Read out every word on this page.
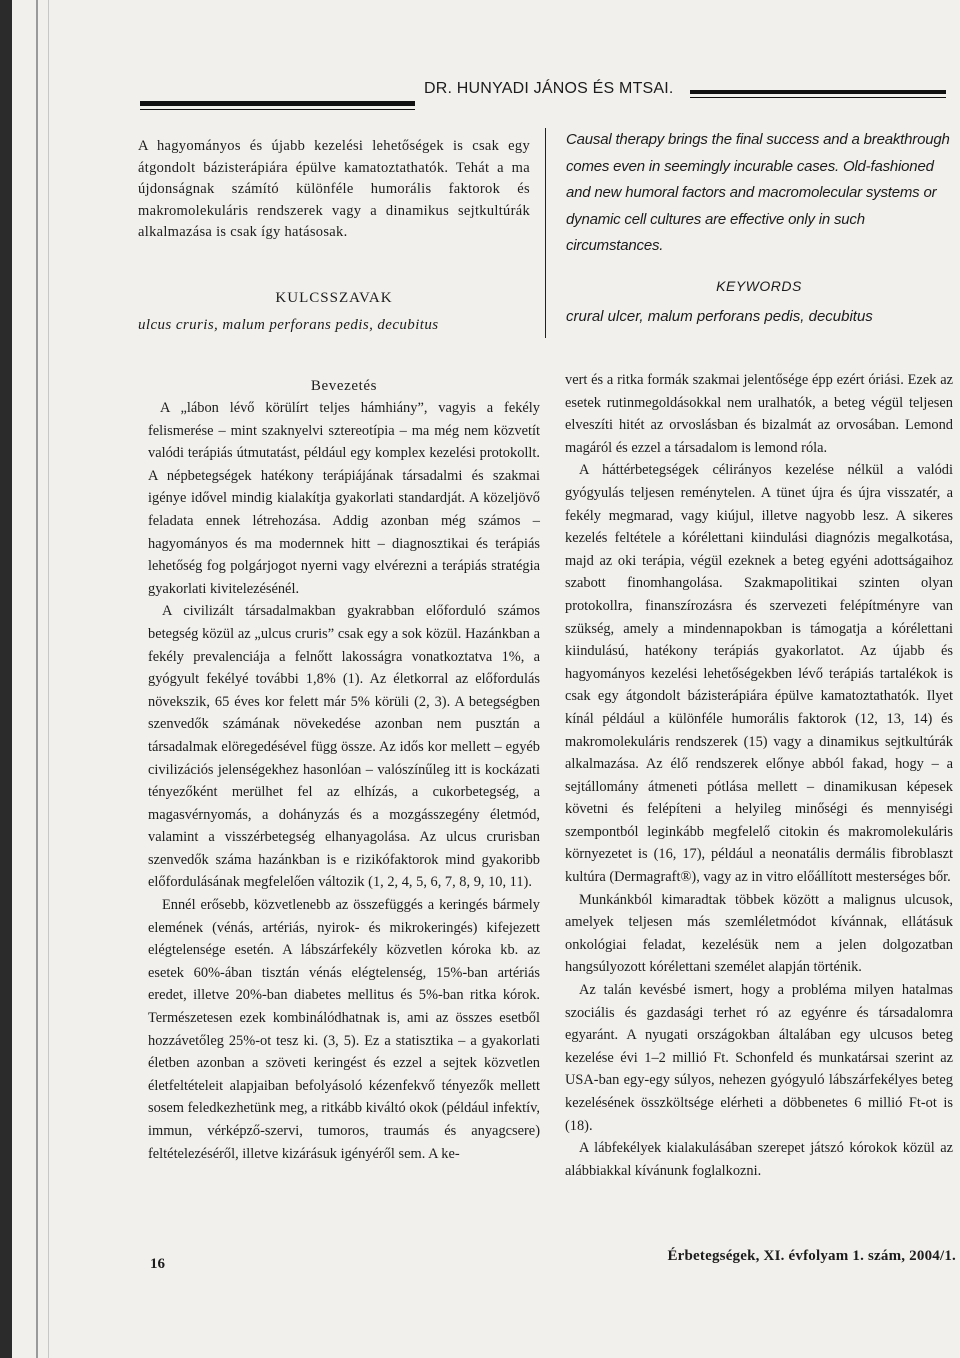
DR. HUNYADI JÁNOS ÉS MTSAI.
A hagyományos és újabb kezelési lehetőségek is csak egy átgondolt bázisterápiára épülve kamatoztathatók. Tehát a ma újdonságnak számító különféle humorális faktorok és makromolekuláris rendszerek vagy a dinamikus sejtkultúrák alkalmazása is csak így hatásosak.
KULCSSZAVAK
ulcus cruris, malum perforans pedis, decubitus
Causal therapy brings the final success and a breakthrough comes even in seemingly incurable cases. Old-fashioned and new humoral factors and macromolecular systems or dynamic cell cultures are effective only in such circumstances.
KEYWORDS
crural ulcer, malum perforans pedis, decubitus
Bevezetés

A „lábon lévő körülírt teljes hámhiány”, vagyis a fekély felismerése – mint szaknyelvi sztereotípia – ma még nem közvetít valódi terápiás útmutatást, például egy komplex kezelési protokollt. A népbetegségek hatékony terápiájának társadalmi és szakmai igénye idővel mindig kialakítja gyakorlati standardját. A közeljövő feladata ennek létrehozása. Addig azonban még számos – hagyományos és ma modernnek hitt – diagnosztikai és terápiás lehetőség fog polgárjogot nyerni vagy elvérezni a terápiás stratégia gyakorlati kivitelezésénél.

A civilizált társadalmakban gyakrabban előforduló számos betegség közül az „ulcus cruris” csak egy a sok közül. Hazánkban a fekély prevalenciája a felnőtt lakosságra vonatkoztatva 1%, a gyógyult fekélyé további 1,8% (1). Az életkorral az előfordulás növekszik, 65 éves kor felett már 5% körüli (2, 3). A betegségben szenvedők számának növekedése azonban nem pusztán a társadalmak elöregedésével függ össze. Az idős kor mellett – egyéb civilizációs jelenségekhez hasonlóan – valószínűleg itt is kockázati tényezőként merülhet fel az elhízás, a cukorbetegség, a magasvérnyomás, a dohányzás és a mozgásszegény életmód, valamint a visszérbetegség elhanyagolása. Az ulcus crurisban szenvedők száma hazánkban is e rizikófaktorok mind gyakoribb előfordulásának megfelelően változik (1, 2, 4, 5, 6, 7, 8, 9, 10, 11).

Ennél erősebb, közvetlenebb az összefüggés a keringés bármely elemének (vénás, artériás, nyirok- és mikrokeringés) kifejezett elégtelensége esetén. A lábszárfekély közvetlen kóroka kb. az esetek 60%-ában tisztán vénás elégtelenség, 15%-ban artériás eredet, illetve 20%-ban diabetes mellitus és 5%-ban ritka kórok. Természetesen ezek kombinálódhatnak is, ami az összes esetből hozzávetőleg 25%-ot tesz ki. (3, 5). Ez a statisztika – a gyakorlati életben azonban a szöveti keringést és ezzel a sejtek közvetlen életfeltételeit alapjaiban befolyásoló kézenfekvő tényezők mellett sosem feledkezhetünk meg, a ritkább kiváltó okok (például infektív, immun, vérképző-szervi, tumoros, traumás és anyagcsere) feltételezéséről, illetve kizárásuk igényéről sem. A ke-

vert és a ritka formák szakmai jelentősége épp ezért óriási. Ezek az esetek rutinmegoldásokkal nem uralhatók, a beteg végül teljesen elveszíti hitét az orvoslásban és bizalmát az orvosában. Lemond magáról és ezzel a társadalom is lemond róla.

A háttérbetegségek célirányos kezelése nélkül a valódi gyógyulás teljesen reménytelen. A tünet újra és újra visszatér, a fekély megmarad, vagy kiújul, illetve nagyobb lesz. A sikeres kezelés feltétele a kórélettani kiindulási diagnózis megalkotása, majd az oki terápia, végül ezeknek a beteg egyéni adottságaihoz szabott finomhangolása. Szakmapolitikai szinten olyan protokollra, finanszírozásra és szervezeti felépítményre van szükség, amely a mindennapokban is támogatja a kórélettani kiindulású, hatékony terápiás gyakorlatot. Az újabb és hagyományos kezelési lehetőségekben lévő terápiás tartalékok is csak egy átgondolt bázisterápiára épülve kamatoztathatók. Ilyet kínál például a különféle humorális faktorok (12, 13, 14) és makromolekuláris rendszerek (15) vagy a dinamikus sejtkultúrák alkalmazása. Az élő rendszerek előnye abból fakad, hogy – a sejtállomány átmeneti pótlása mellett – dinamikusan képesek követni és felépíteni a helyileg minőségi és mennyiségi szempontból leginkább megfelelő citokin és makromolekuláris környezetet is (16, 17), például a neonatális dermális fibroblaszt kultúra (Dermagraft®), vagy az in vitro előállított mesterséges bőr.

Munkánkból kimaradtak többek között a malignus ulcusok, amelyek teljesen más szemléletmódot kívánnak, ellátásuk onkológiai feladat, kezelésük nem a jelen dolgozatban hangsúlyozott kórélettani személet alapján történik.

Az talán kevésbé ismert, hogy a probléma milyen hatalmas szociális és gazdasági terhet ró az egyénre és társadalomra egyaránt. A nyugati országokban általában egy ulcusos beteg kezelése évi 1–2 millió Ft. Schonfeld és munkatársai szerint az USA-ban egy-egy súlyos, nehezen gyógyuló lábszárfekélyes beteg kezelésének összköltsége elérheti a döbbenetes 6 millió Ft-ot is (18).

A lábfekélyek kialakulásában szerepet játszó kórokok közül az alábbiakkal kívánunk foglalkozni.

16	Érbetegségek, XI. évfolyam 1. szám, 2004/1.
